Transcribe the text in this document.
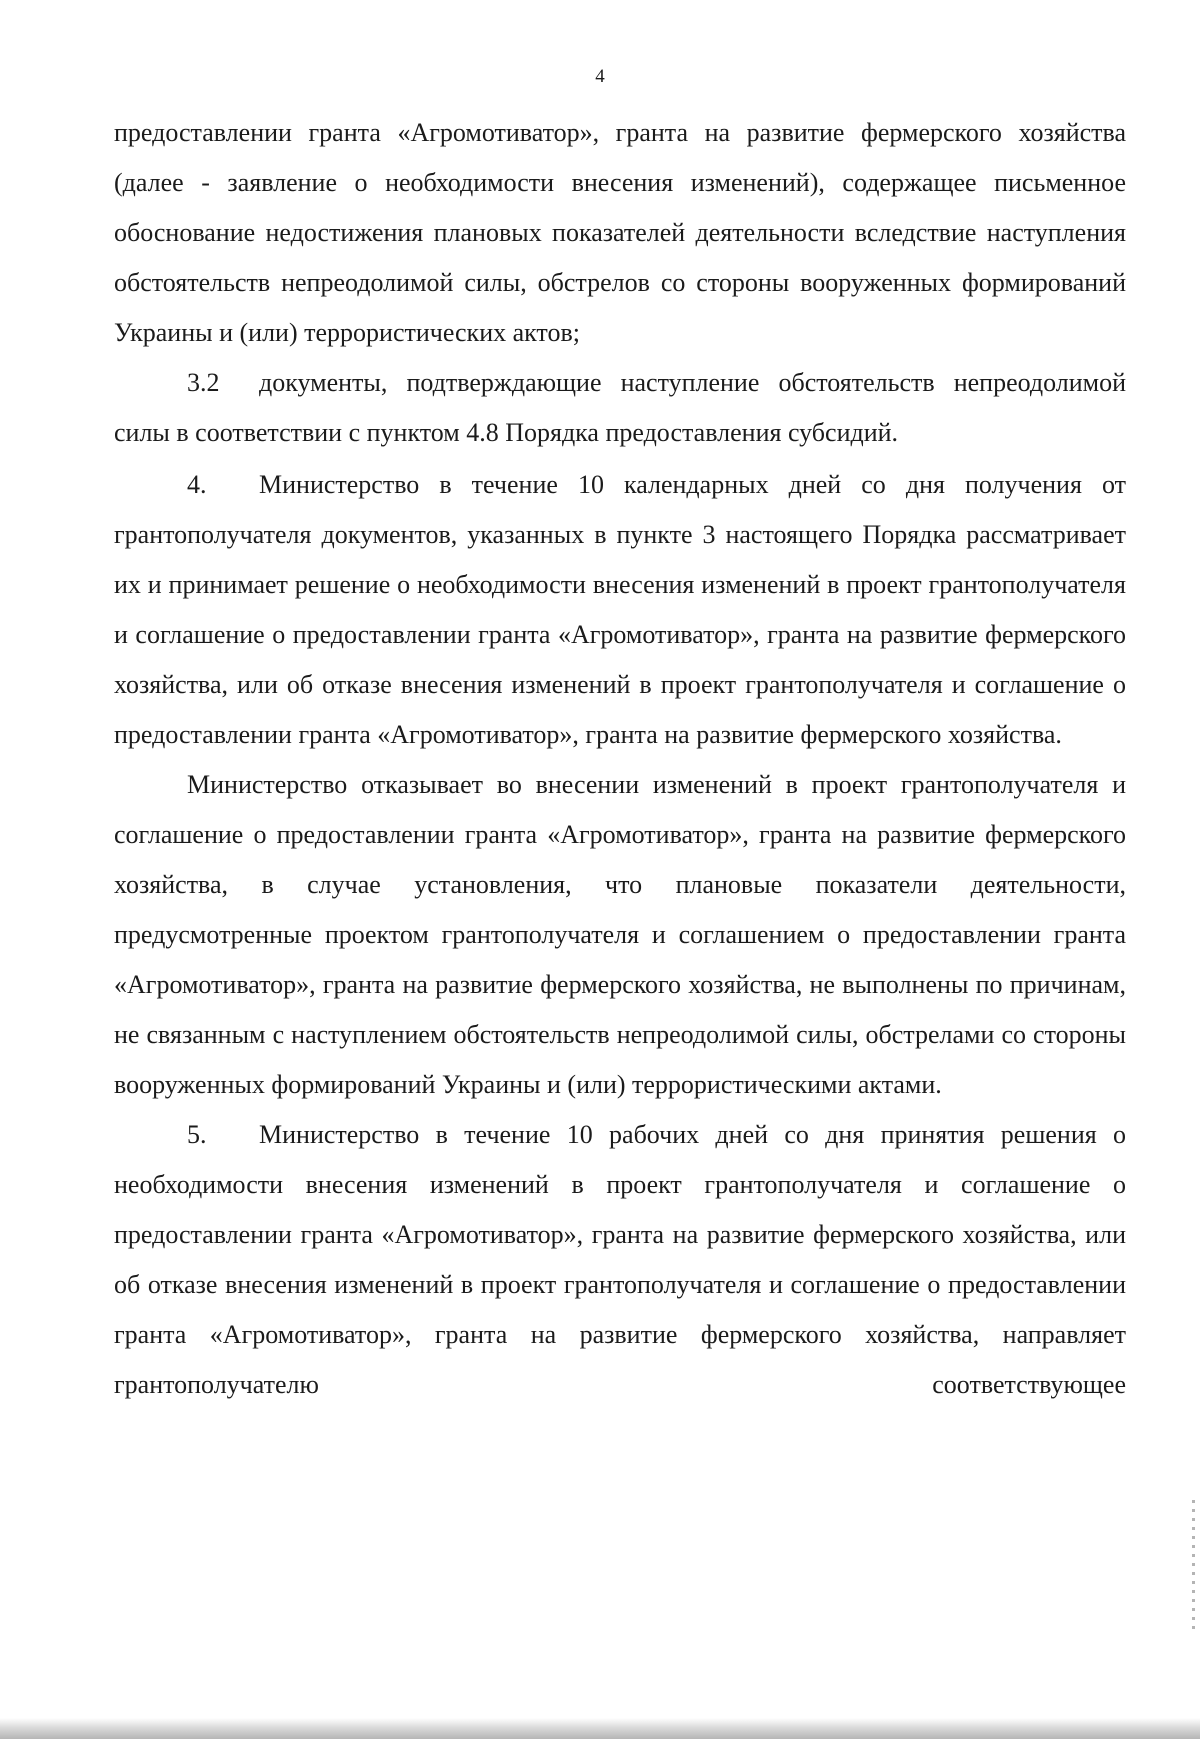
4

предоставлении гранта «Агромотиватор», гранта на развитие фермерского хозяйства (далее - заявление о необходимости внесения изменений), содержащее письменное обоснование недостижения плановых показателей деятельности вследствие наступления обстоятельств непреодолимой силы, обстрелов со стороны вооруженных формирований Украины и (или) террористических актов;

3.2 документы, подтверждающие наступление обстоятельств непреодолимой силы в соответствии с пунктом 4.8 Порядка предоставления субсидий.

4. Министерство в течение 10 календарных дней со дня получения от грантополучателя документов, указанных в пункте 3 настоящего Порядка рассматривает их и принимает решение о необходимости внесения изменений в проект грантополучателя и соглашение о предоставлении гранта «Агромотиватор», гранта на развитие фермерского хозяйства, или об отказе внесения изменений в проект грантополучателя и соглашение о предоставлении гранта «Агромотиватор», гранта на развитие фермерского хозяйства.

Министерство отказывает во внесении изменений в проект грантополучателя и соглашение о предоставлении гранта «Агромотиватор», гранта на развитие фермерского хозяйства, в случае установления, что плановые показатели деятельности, предусмотренные проектом грантополучателя и соглашением о предоставлении гранта «Агромотиватор», гранта на развитие фермерского хозяйства, не выполнены по причинам, не связанным с наступлением обстоятельств непреодолимой силы, обстрелами со стороны вооруженных формирований Украины и (или) террористическими актами.

5. Министерство в течение 10 рабочих дней со дня принятия решения о необходимости внесения изменений в проект грантополучателя и соглашение о предоставлении гранта «Агромотиватор», гранта на развитие фермерского хозяйства, или об отказе внесения изменений в проект грантополучателя и соглашение о предоставлении гранта «Агромотиватор», гранта на развитие фермерского хозяйства, направляет грантополучателю соответствующее
